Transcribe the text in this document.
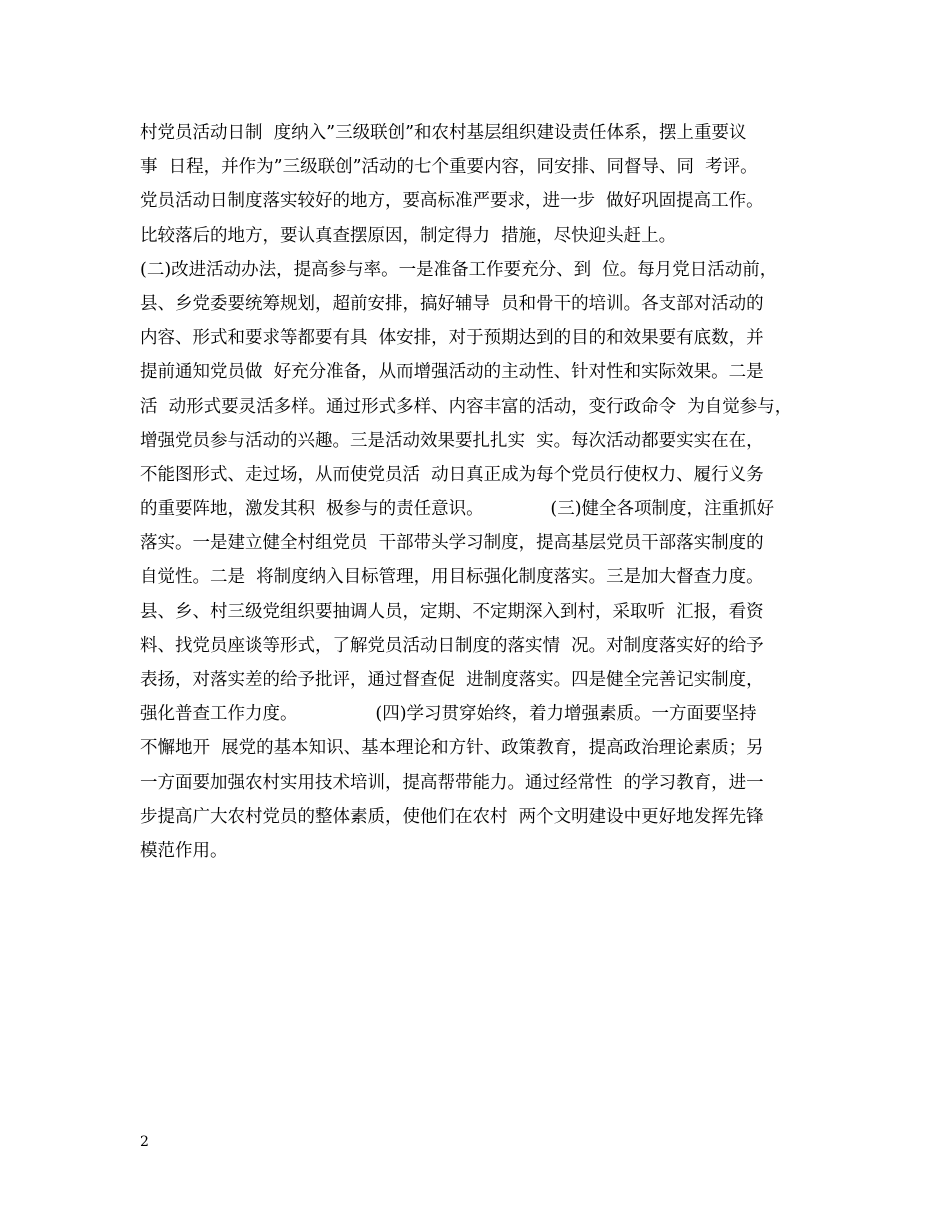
村党员活动日制  度纳入”三级联创”和农村基层组织建设责任体系，摆上重要议
事  日程，并作为”三级联创”活动的七个重要内容，同安排、同督导、同  考评。
党员活动日制度落实较好的地方，要高标准严要求，进一步  做好巩固提高工作。
比较落后的地方，要认真查摆原因，制定得力  措施，尽快迎头赶上。
(二)改进活动办法，提高参与率。一是准备工作要充分、到  位。每月党日活动前，
县、乡党委要统筹规划，超前安排，搞好辅导  员和骨干的培训。各支部对活动的
内容、形式和要求等都要有具  体安排，对于预期达到的目的和效果要有底数，并
提前通知党员做  好充分准备，从而增强活动的主动性、针对性和实际效果。二是
活  动形式要灵活多样。通过形式多样、内容丰富的活动，变行政命令  为自觉参与，
增强党员参与活动的兴趣。三是活动效果要扎扎实  实。每次活动都要实实在在，
不能图形式、走过场，从而使党员活  动日真正成为每个党员行使权力、履行义务
的重要阵地，激发其积  极参与的责任意识。            (三)健全各项制度，注重抓好
落实。一是建立健全村组党员  干部带头学习制度，提高基层党员干部落实制度的
自觉性。二是  将制度纳入目标管理，用目标强化制度落实。三是加大督查力度。
县、乡、村三级党组织要抽调人员，定期、不定期深入到村，采取听  汇报，看资
料、找党员座谈等形式，了解党员活动日制度的落实情  况。对制度落实好的给予
表扬，对落实差的给予批评，通过督查促  进制度落实。四是健全完善记实制度，
强化普查工作力度。              (四)学习贯穿始终，着力增强素质。一方面要坚持
不懈地开  展党的基本知识、基本理论和方针、政策教育，提高政治理论素质；另
一方面要加强农村实用技术培训，提高帮带能力。通过经常性  的学习教育，进一
步提高广大农村党员的整体素质，使他们在农村  两个文明建设中更好地发挥先锋
模范作用。
2
